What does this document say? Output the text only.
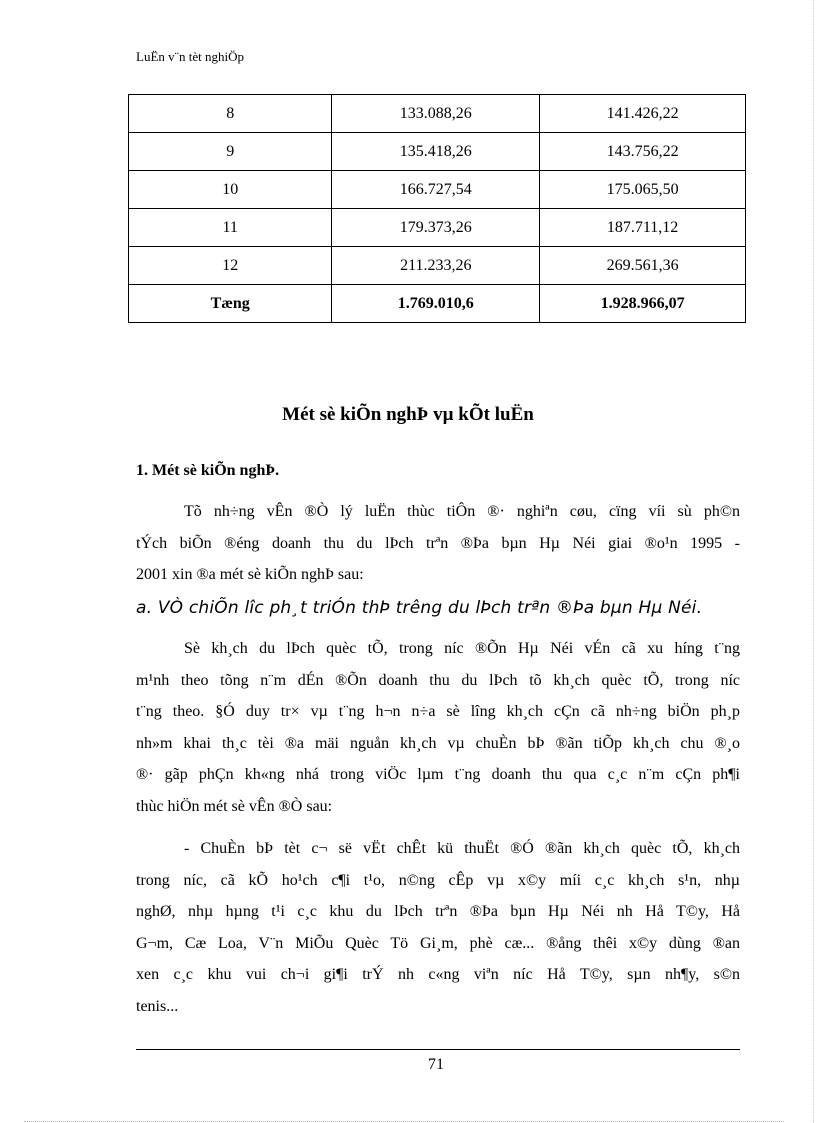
LuËn v¨n tèt nghiÖp
8	133.088,26	141.426,22
9	135.418,26	143.756,22
10	166.727,54	175.065,50
11	179.373,26	187.711,12
12	211.233,26	269.561,36
Tæng	1.769.010,6	1.928.966,07
Mét sè kiÕn nghÞ vµ kÕt luËn
1. Mét sè kiÕn nghÞ.

Tõ nh÷ng vÊn ®Ò lý luËn thùc tiÔn ®· nghiªn cøu, cïng víi sù ph©n

tÝch biÕn ®éng doanh thu du lÞch trªn ®Þa bµn Hµ Néi giai ®o¹n 1995 -

2001 xin ®a mét sè kiÕn nghÞ sau:

a. VÒ chiÕn lîc ph¸t triÓn thÞ trêng du lÞch trªn ®Þa bµn Hµ Néi.

Sè kh¸ch du lÞch quèc tÕ, trong níc ®Õn Hµ Néi vÉn cã xu híng t¨ng

m¹nh theo tõng n¨m dÉn ®Õn doanh thu du lÞch tõ kh¸ch quèc tÕ, trong níc

t¨ng theo. §Ó duy tr× vµ t¨ng h¬n n÷a sè lîng kh¸ch cÇn cã nh÷ng biÖn ph¸p

nh»m khai th¸c tèi ®a mäi nguån kh¸ch vµ chuÈn bÞ ®ãn tiÕp kh¸ch chu ®¸o

®· gãp phÇn kh«ng nhá trong viÖc lµm t¨ng doanh thu qua c¸c n¨m cÇn ph¶i

thùc hiÖn mét sè vÊn ®Ò sau:

- ChuÈn bÞ tèt c¬ së vËt chÊt kü thuËt ®Ó ®ãn kh¸ch quèc tÕ, kh¸ch

trong níc, cã kÕ ho¹ch c¶i t¹o, n©ng cÊp vµ x©y míi c¸c kh¸ch s¹n, nhµ

nghØ, nhµ hµng t¹i c¸c khu du lÞch trªn ®Þa bµn Hµ Néi nh Hå T©y, Hå

G¬m, Cæ Loa, V¨n MiÕu Quèc Tö Gi¸m, phè cæ... ®ång thêi x©y dùng ®an

xen c¸c khu vui ch¬i gi¶i trÝ nh c«ng viªn níc Hå T©y, sµn nh¶y, s©n

tenis...

71
